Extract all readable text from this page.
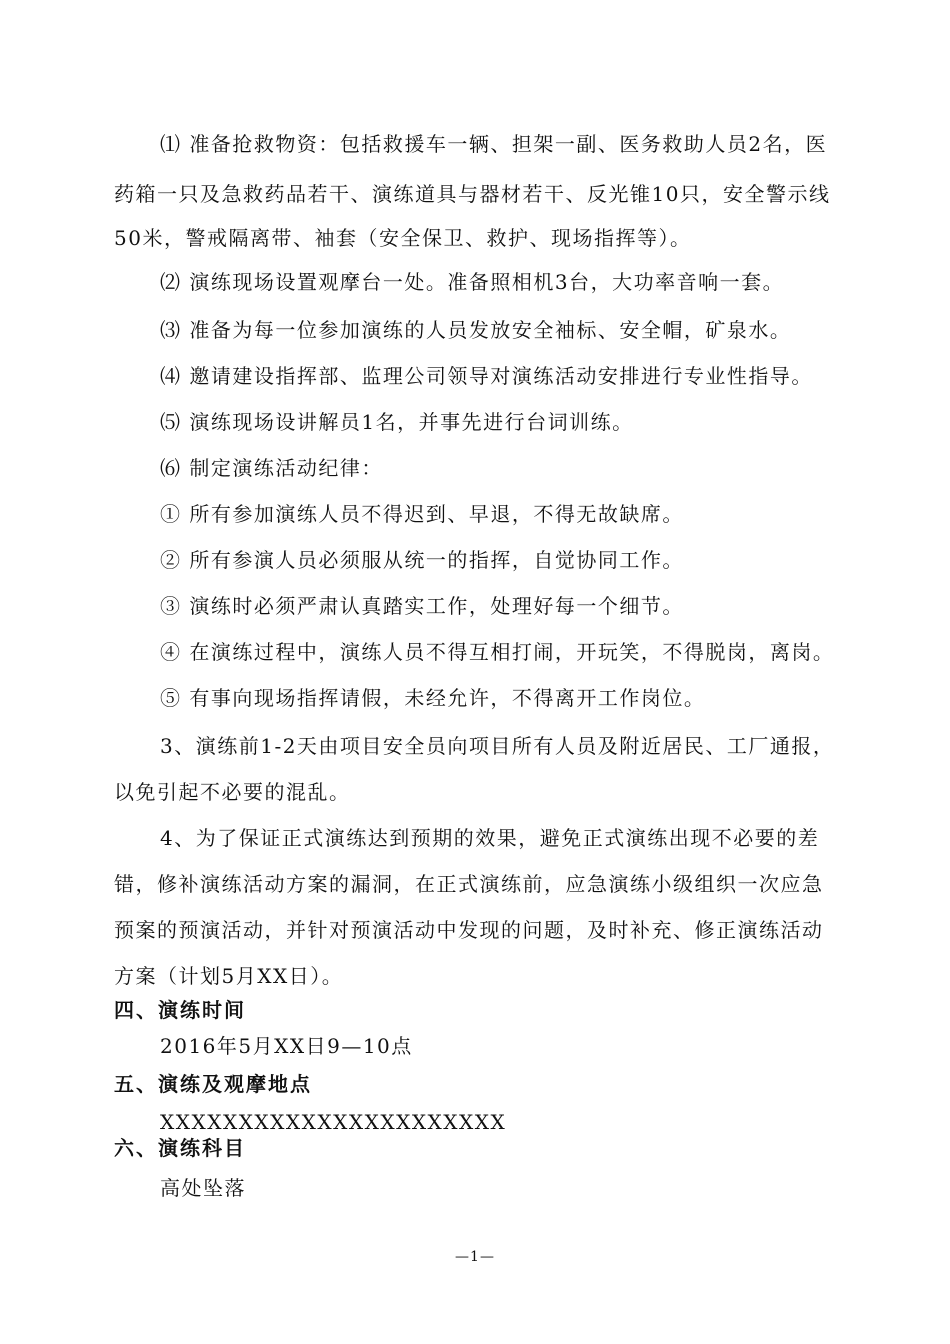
⑴ 准备抢救物资：包括救援车一辆、担架一副、医务救助人员2名，医
药箱一只及急救药品若干、演练道具与器材若干、反光锥10只，安全警示线
50米，警戒隔离带、袖套（安全保卫、救护、现场指挥等）。
⑵ 演练现场设置观摩台一处。准备照相机3台，大功率音响一套。
⑶ 准备为每一位参加演练的人员发放安全袖标、安全帽，矿泉水。
⑷ 邀请建设指挥部、监理公司领导对演练活动安排进行专业性指导。
⑸ 演练现场设讲解员1名，并事先进行台词训练。
⑹ 制定演练活动纪律：
① 所有参加演练人员不得迟到、早退，不得无故缺席。
② 所有参演人员必须服从统一的指挥，自觉协同工作。
③ 演练时必须严肃认真踏实工作，处理好每一个细节。
④ 在演练过程中，演练人员不得互相打闹，开玩笑，不得脱岗，离岗。
⑤ 有事向现场指挥请假，未经允许，不得离开工作岗位。
3、演练前1-2天由项目安全员向项目所有人员及附近居民、工厂通报，
以免引起不必要的混乱。
4、为了保证正式演练达到预期的效果，避免正式演练出现不必要的差
错，修补演练活动方案的漏洞，在正式演练前，应急演练小级组织一次应急
预案的预演活动，并针对预演活动中发现的问题，及时补充、修正演练活动
方案（计划5月XX日）。
四、演练时间
2016年5月XX日9—10点
五、演练及观摩地点
XXXXXXXXXXXXXXXXXXXXXX
六、演练科目
高处坠落
—1—
